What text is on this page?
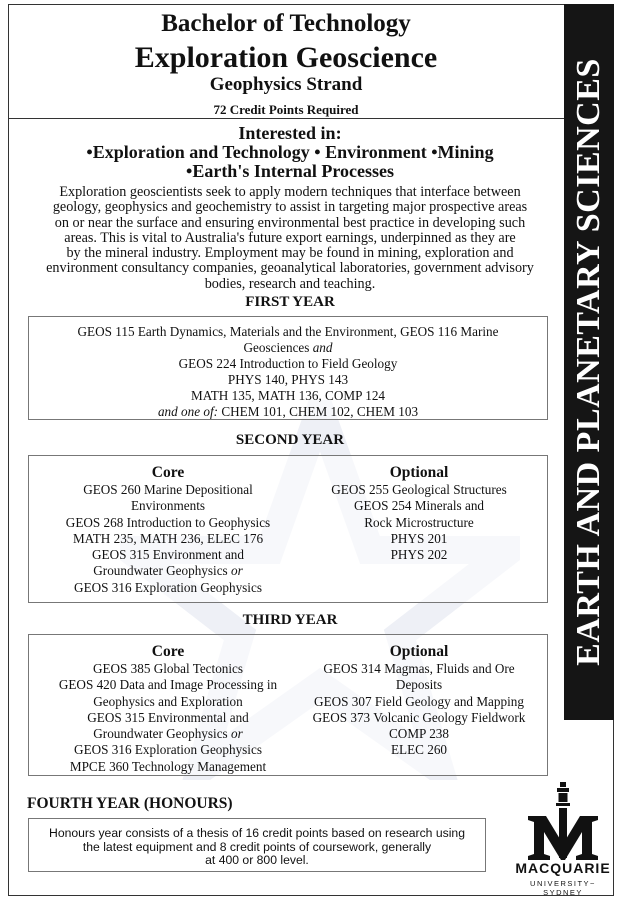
Bachelor of Technology
Exploration Geoscience
Geophysics Strand
72 Credit Points Required	EARTH AND PLANETARY SCIENCES
Interested in:
•Exploration and Technology • Environment •Mining
•Earth's Internal Processes
Exploration geoscientists seek to apply modern techniques that interface between
geology, geophysics and geochemistry to assist in targeting major prospective areas
on or near the surface and ensuring environmental best practice in developing such
areas. This is vital to Australia's future export earnings, underpinned as they are
by the mineral industry. Employment may be found in mining, exploration and
environment consultancy companies, geoanalytical laboratories, government advisory
bodies, research and teaching.
FIRST YEAR
GEOS 115 Earth Dynamics, Materials and the Environment, GEOS 116 Marine
Geosciences and
GEOS 224 Introduction to Field Geology
PHYS 140, PHYS 143
MATH 135, MATH 136, COMP 124
and one of: CHEM 101, CHEM 102, CHEM 103
SECOND YEAR
Core
GEOS 260 Marine Depositional
Environments
GEOS 268 Introduction to Geophysics
MATH 235, MATH 236, ELEC 176
GEOS 315 Environment and
Groundwater Geophysics or
GEOS 316 Exploration Geophysics
Optional
GEOS 255 Geological Structures
GEOS 254 Minerals and
Rock Microstructure
PHYS 201
PHYS 202
THIRD YEAR
Core
GEOS 385 Global Tectonics
GEOS 420 Data and Image Processing in
Geophysics and Exploration
GEOS 315 Environmental and
Groundwater Geophysics or
GEOS 316 Exploration Geophysics
MPCE 360 Technology Management
Optional
GEOS 314 Magmas, Fluids and Ore
Deposits
GEOS 307 Field Geology and Mapping
GEOS 373 Volcanic Geology Fieldwork
COMP 238
ELEC 260
FOURTH YEAR (HONOURS)
Honours year consists of a thesis of 16 credit points based on research using
the latest equipment and 8 credit points of coursework, generally
at 400 or 800 level.	MACQUARIE
UNIVERSITY~ SYDNEY
